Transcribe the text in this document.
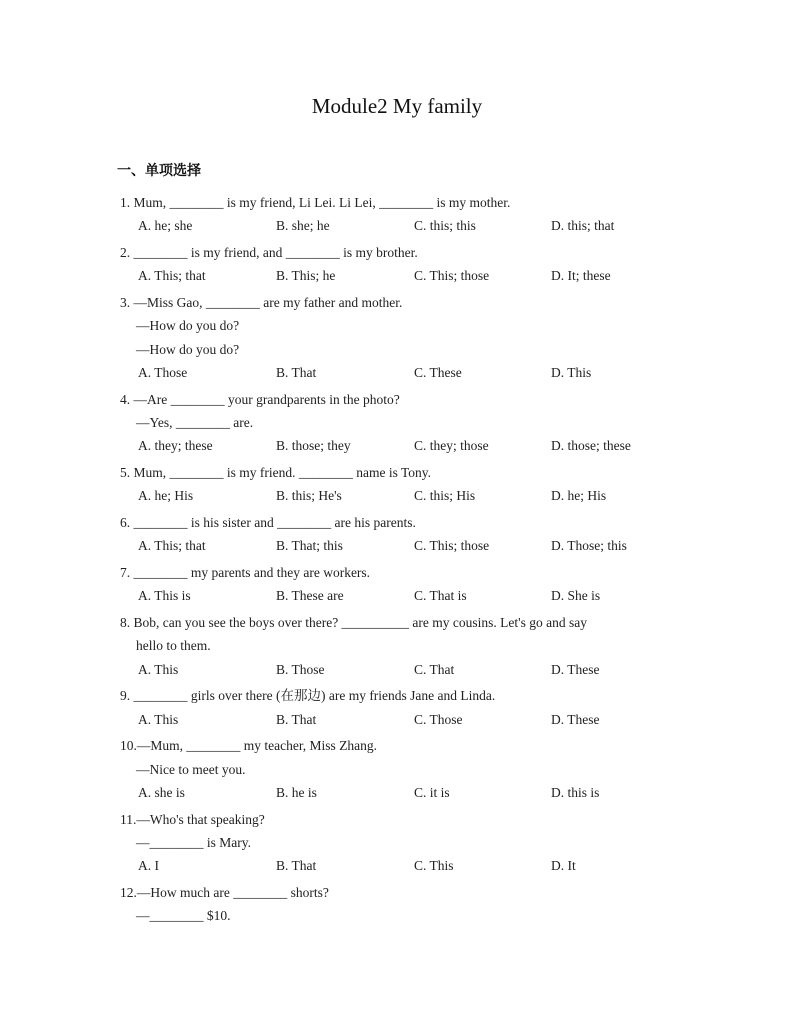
Module2 My family
一、单项选择
1. Mum, ________ is my friend, Li Lei. Li Lei, ________ is my mother.
A. he; she	B. she; he	C. this; this	D. this; that
2. ________ is my friend, and ________ is my brother.
A. This; that	B. This; he	C. This; those	D. It; these
3. —Miss Gao, ________ are my father and mother.
—How do you do?
—How do you do?
A. Those	B. That	C. These	D. This
4. —Are ________ your grandparents in the photo?
—Yes, ________ are.
A. they; these	B. those; they	C. they; those	D. those; these
5. Mum, ________ is my friend. ________ name is Tony.
A. he; His	B. this; He's	C. this; His	D. he; His
6. ________ is his sister and ________ are his parents.
A. This; that	B. That; this	C. This; those	D. Those; this
7. ________ my parents and they are workers.
A. This is	B. These are	C. That is	D. She is
8. Bob, can you see the boys over there? __________ are my cousins. Let's go and say
hello to them.
A. This	B. Those	C. That	D. These
9. ________ girls over there (在那边) are my friends Jane and Linda.
A. This	B. That	C. Those	D. These
10.—Mum, ________ my teacher, Miss Zhang.
—Nice to meet you.
A. she is	B. he is	C. it is	D. this is
11.—Who's that speaking?
—________ is Mary.
A. I	B. That	C. This	D. It
12.—How much are ________ shorts?
—________ $10.
